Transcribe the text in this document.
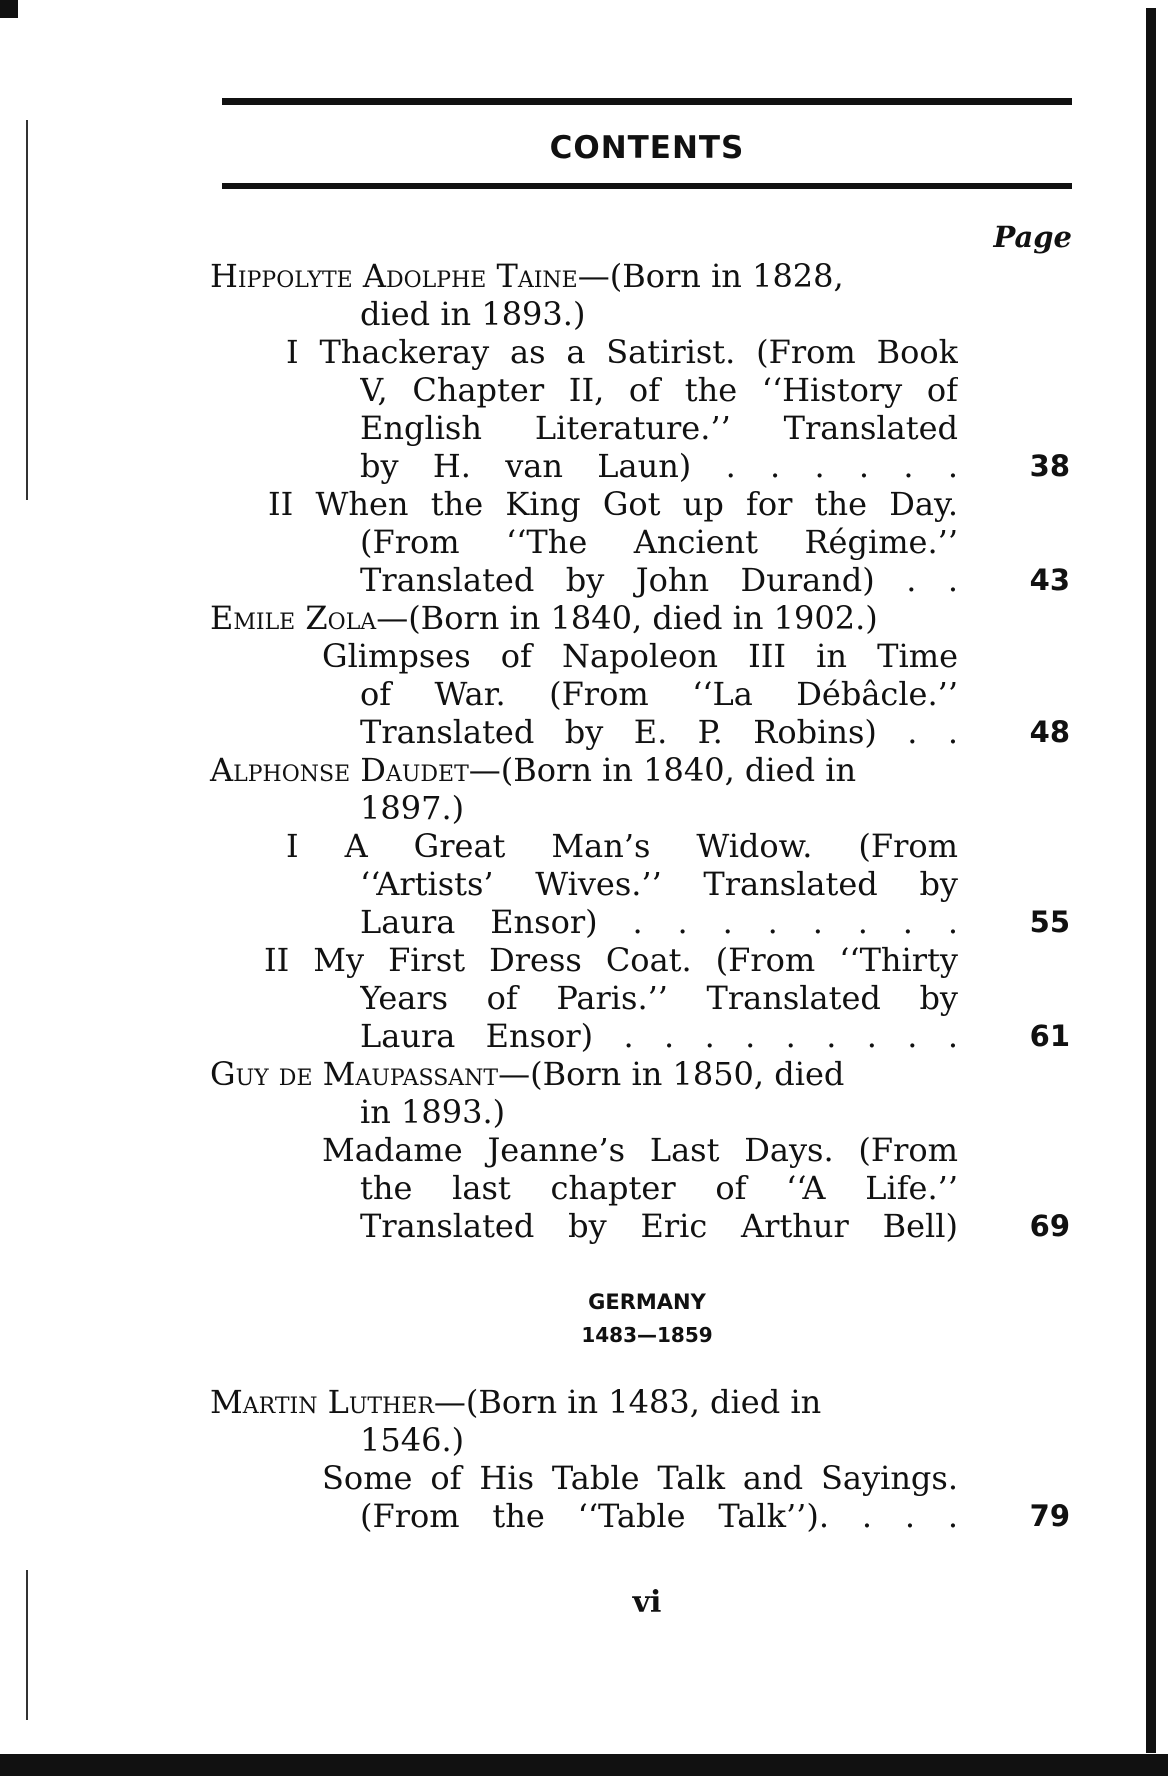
CONTENTS
Page
Hippolyte Adolphe Taine—(Born in 1828,
died in 1893.)
I Thackeray as a Satirist. (From Book
V, Chapter II, of the ‘‘History of
English Literature.’’ Translated
by H. van Laun) . . . . . . 38
II When the King Got up for the Day.
(From ‘‘The Ancient Régime.’’
Translated by John Durand) . . 43
Emile Zola—(Born in 1840, died in 1902.)
Glimpses of Napoleon III in Time
of War. (From ‘‘La Débâcle.’’
Translated by E. P. Robins) . . 48
Alphonse Daudet—(Born in 1840, died in
1897.)
I A Great Man’s Widow. (From
‘‘Artists’ Wives.’’ Translated by
Laura Ensor) . . . . . . . . 55
II My First Dress Coat. (From ‘‘Thirty
Years of Paris.’’ Translated by
Laura Ensor) . . . . . . . . . 61
Guy de Maupassant—(Born in 1850, died
in 1893.)
Madame Jeanne’s Last Days. (From
the last chapter of ‘‘A Life.’’
Translated by Eric Arthur Bell) 69
GERMANY
1483—1859
Martin Luther—(Born in 1483, died in
1546.)
Some of His Table Talk and Sayings.
(From the ‘‘Table Talk’’). . . . 79
vi
